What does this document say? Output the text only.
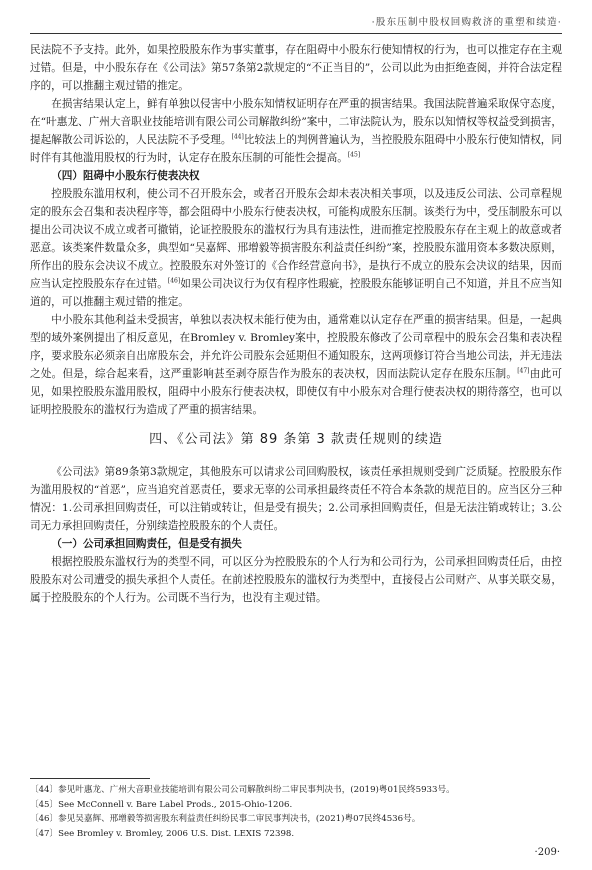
·股东压制中股权回购救济的重塑和续造·

民法院不予支持。此外，如果控股股东作为事实董事，存在阻碍中小股东行使知情权的行为，也可以推定存在主观过错。但是，中小股东存在《公司法》第57条第2款规定的“不正当目的”，公司以此为由拒绝查阅，并符合法定程序的，可以推翻主观过错的推定。

在损害结果认定上，鲜有单独以侵害中小股东知情权证明存在严重的损害结果。我国法院普遍采取保守态度，在“叶惠龙、广州大音职业技能培训有限公司公司解散纠纷”案中，二审法院认为，股东以知情权等权益受到损害，提起解散公司诉讼的，人民法院不予受理。[44]比较法上的判例普遍认为，当控股股东阻碍中小股东行使知情权，同时伴有其他滥用股权的行为时，认定存在股东压制的可能性会提高。[45]

（四）阻碍中小股东行使表决权

控股股东滥用权利，使公司不召开股东会，或者召开股东会却未表决相关事项，以及违反公司法、公司章程规定的股东会召集和表决程序等，都会阻碍中小股东行使表决权，可能构成股东压制。该类行为中，受压制股东可以提出公司决议不成立或者可撤销，论证控股股东的滥权行为具有违法性，进而推定控股股东存在主观上的故意或者恶意。该类案件数量众多，典型如“吴嘉辉、邢增毅等损害股东利益责任纠纷”案，控股股东滥用资本多数决原则，所作出的股东会决议不成立。控股股东对外签订的《合作经营意向书》，是执行不成立的股东会决议的结果，因而应当认定控股股东存在过错。[46]如果公司决议行为仅有程序性瑕疵，控股股东能够证明自己不知道，并且不应当知道的，可以推翻主观过错的推定。

中小股东其他利益未受损害，单独以表决权未能行使为由，通常难以认定存在严重的损害结果。但是，一起典型的域外案例提出了相反意见，在Bromley v. Bromley案中，控股股东修改了公司章程中的股东会召集和表决程序，要求股东必须亲自出席股东会，并允许公司股东会延期但不通知股东，这两项修订符合当地公司法，并无违法之处。但是，综合起来看，这严重影响甚至剥夺原告作为股东的表决权，因而法院认定存在股东压制。[47]由此可见，如果控股股东滥用股权，阻碍中小股东行使表决权，即使仅有中小股东对合理行使表决权的期待落空，也可以证明控股股东的滥权行为造成了严重的损害结果。

四、《公司法》第 89 条第 3 款责任规则的续造

《公司法》第89条第3款规定，其他股东可以请求公司回购股权，该责任承担规则受到广泛质疑。控股股东作为滥用股权的“首恶”，应当追究首恶责任，要求无辜的公司承担最终责任不符合本条款的规范目的。应当区分三种情况：1.公司承担回购责任，可以注销或转让，但是受有损失；2.公司承担回购责任，但是无法注销或转让；3.公司无力承担回购责任，分别续造控股股东的个人责任。

（一）公司承担回购责任，但是受有损失

根据控股股东滥权行为的类型不同，可以区分为控股股东的个人行为和公司行为，公司承担回购责任后，由控股股东对公司遭受的损失承担个人责任。在前述控股股东的滥权行为类型中，直接侵占公司财产、从事关联交易，属于控股股东的个人行为。公司既不当行为，也没有主观过错。

〔44〕参见叶惠龙、广州大音职业技能培训有限公司公司解散纠纷二审民事判决书，(2019)粤01民终5933号。
〔45〕See McConnell v. Bare Label Prods., 2015-Ohio-1206.
〔46〕参见吴嘉辉、邢增毅等损害股东利益责任纠纷民事二审民事判决书，(2021)粤07民终4536号。
〔47〕See Bromley v. Bromley, 2006 U.S. Dist. LEXIS 72398.
·209·
